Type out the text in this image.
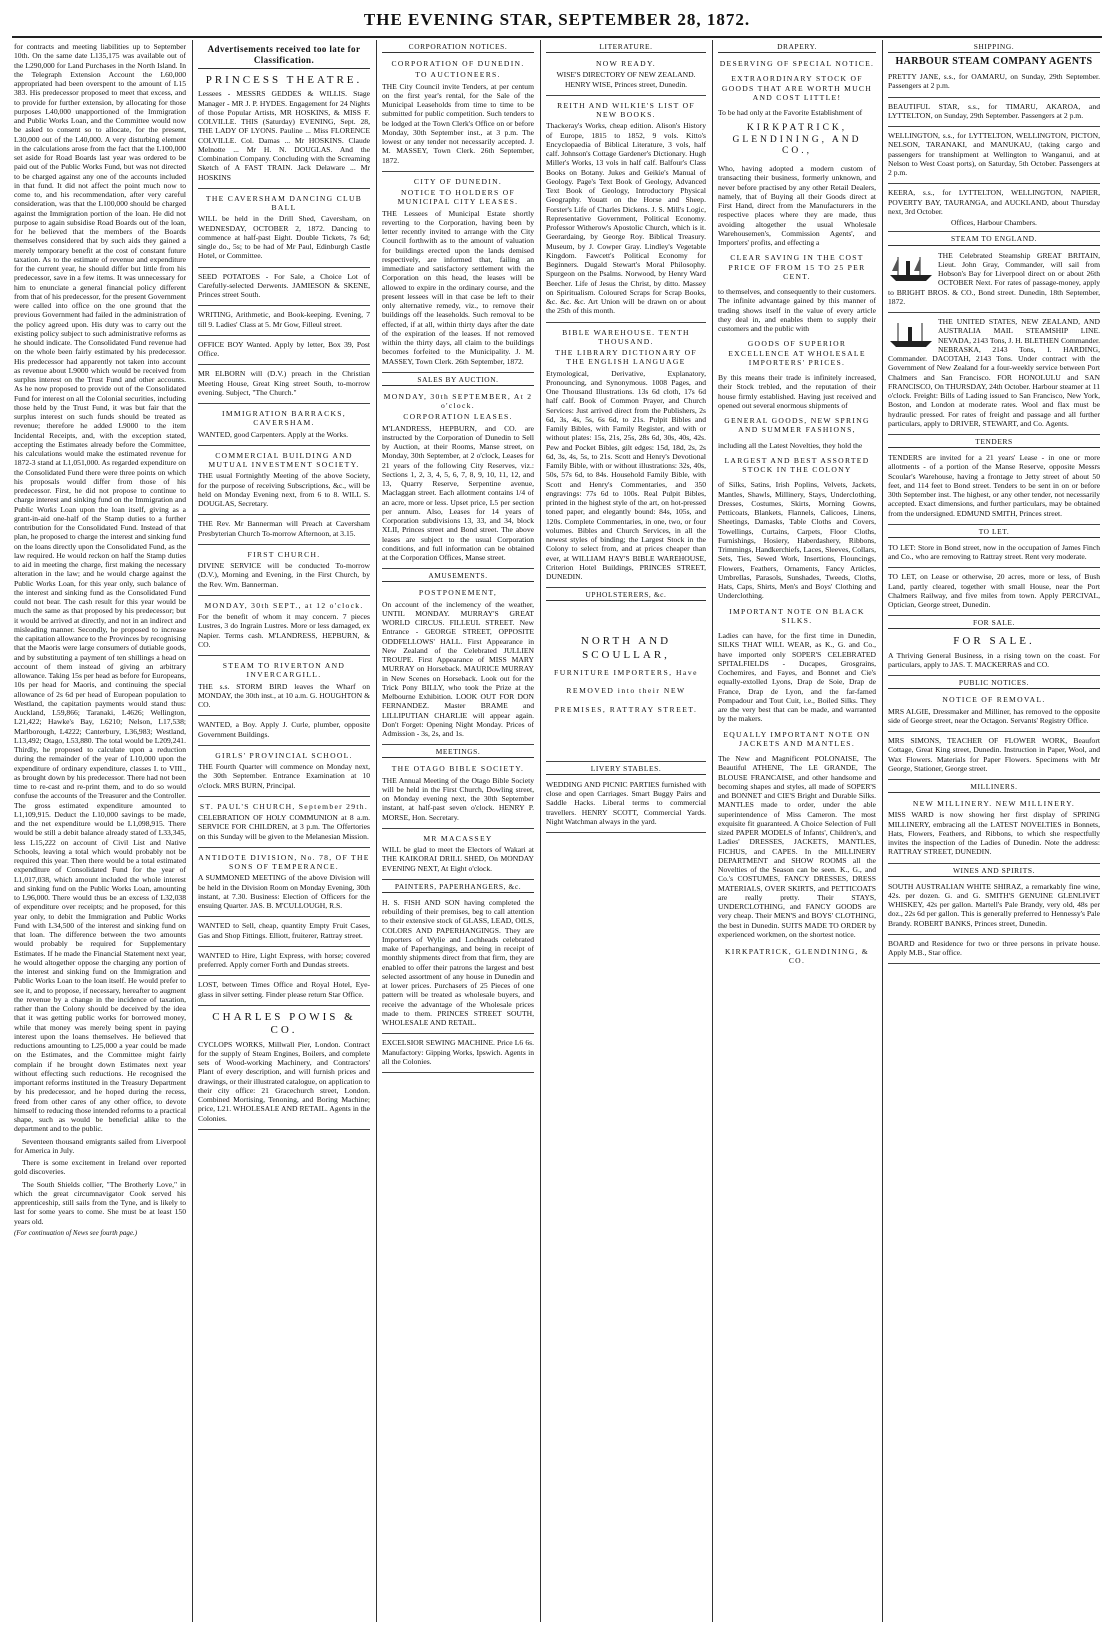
THE EVENING STAR, SEPTEMBER 28, 1872.

for contracts and meeting liabilities up to September 10th. On the same date L135,175 was available out of the L290,000 for Land Purchases in the North Island. In the Telegraph Extension Account the L60,000 appropriated had been overspent to the amount of L15 383. His predecessor proposed to meet that excess, and to provide for further extension, by allocating for those purposes L40,000 unapportioned of the Immigration and Public Works Loan, and the Committee would now be asked to consent so to allocate, for the present, L30,000 out of the L40,000. A very disturbing element in the calculations arose from the fact that the L100,000 set aside for Road Boards last year was ordered to be paid out of the Public Works Fund, but was not directed to be charged against any one of the accounts included in that fund. It did not affect the point much now to come to, and his recommendation, after very careful consideration, was that the L100,000 should be charged against the Immigration portion of the loan. He did not purpose to again subsidise Road Boards out of the loan, for he believed that the members of the Boards themselves considered that by such aids they gained a merely temporary benefit at the cost of constant future taxation. As to the estimate of revenue and expenditure for the current year, he should differ but little from his predecessor, save in a few items. It was unnecessary for him to enunciate a general financial policy different from that of his predecessor, for the present Government were called into office on the one ground that the previous Government had failed in the administration of the policy agreed upon. His duty was to carry out the existing policy subject to such administrative reforms as he should indicate. The Consolidated Fund revenue had on the whole been fairly estimated by his predecessor. His predecessor had apparently not taken into account as revenue about L9000 which would be received from surplus interest on the Trust Fund and other accounts. As he now proposed to provide out of the Consolidated Fund for interest on all the Colonial securities, including those held by the Trust Fund, it was but fair that the surplus interest on such funds should be treated as revenue; therefore he added L9000 to the item Incidental Receipts, and, with the exception stated, accepting the Estimates already before the Committee, his calculations would make the estimated revenue for 1872-3 stand at L1,051,000. As regarded expenditure on the Consolidated Fund there were three points on which his proposals would differ from those of his predecessor. First, he did not propose to continue to charge interest and sinking fund on the Immigration and Public Works Loan upon the loan itself, giving as a grant-in-aid one-half of the Stamp duties to a further contribution for the Consolidated Fund. Instead of that plan, he proposed to charge the interest and sinking fund on the loans directly upon the Consolidated Fund, as the law required. He would reckon on half the Stamp duties to aid in meeting the charge, first making the necessary alteration in the law; and he would charge against the Public Works Loan, for this year only, such balance of the interest and sinking fund as the Consolidated Fund could not bear. The cash result for this year would be much the same as that proposed by his predecessor; but it would be arrived at directly, and not in an indirect and misleading manner. Secondly, he proposed to increase the capitation allowance to the Provinces by recognising that the Maoris were large consumers of dutiable goods, and by substituting a payment of ten shillings a head on account of them instead of giving an arbitrary allowance. Taking 15s per head as before for Europeans, 10s per head for Maoris, and continuing the special allowance of 2s 6d per head of European population to Westland, the capitation payments would stand thus: Auckland, L59,866; Taranaki, L4626; Wellington, L21,422; Hawke's Bay, L6210; Nelson, L17,538; Marlborough, L4222; Canterbury, L36,983; Westland, L13,492; Otago, L53,880. The total would be L209,241. Thirdly, he proposed to calculate upon a reduction during the remainder of the year of L10,000 upon the expenditure of ordinary expenditure, classes I. to VIII., as brought down by his predecessor. There had not been time to re-cast and re-print them, and to do so would confuse the accounts of the Treasurer and the Controller. The gross estimated expenditure amounted to L1,109,915. Deduct the L10,000 savings to be made, and the net expenditure would be L1,098,915. There would be still a debit balance already stated of L33,345, less L15,222 on account of Civil List and Native Schools, leaving a total which would probably not be required this year. Then there would be a total estimated expenditure of Consolidated Fund for the year of L1,017,038, which amount included the whole interest and sinking fund on the Public Works Loan, amounting to L96,000. There would thus be an excess of L32,038 of expenditure over receipts; and he proposed, for this year only, to debit the Immigration and Public Works Fund with L34,500 of the interest and sinking fund on that loan. The difference between the two amounts would probably be required for Supplementary Estimates. If he made the Financial Statement next year, he would altogether oppose the charging any portion of the interest and sinking fund on the Immigration and Public Works Loan to the loan itself. He would prefer to see it, and to propose, if necessary, hereafter to augment the revenue by a change in the incidence of taxation, rather than the Colony should be deceived by the idea that it was getting public works for borrowed money, while that money was merely being spent in paying interest upon the loans themselves. He believed that reductions amounting to L25,000 a year could be made on the Estimates, and the Committee might fairly complain if he brought down Estimates next year without effecting such reductions. He recognised the important reforms instituted in the Treasury Department by his predecessor, and he hoped during the recess, freed from other cares of any other office, to devote himself to reducing those intended reforms to a practical shape, such as would be beneficial alike to the department and to the public.

Seventeen thousand emigrants sailed from Liverpool for America in July.

There is some excitement in Ireland over reported gold discoveries.

The South Shields collier, "The Brotherly Love," in which the great circumnavigator Cook served his apprenticeship, still sails from the Tyne, and is likely to last for some years to come. She must be at least 150 years old.

(For continuation of News see fourth page.)

Advertisements received too late for Classification.
PRINCESS THEATRE.

Lessees - MESSRS GEDDES & WILLIS. Stage Manager - MR J. P. HYDES. Engagement for 24 Nights of those Popular Artists, MR HOSKINS, & MISS F. COLVILLE. THIS (Saturday) EVENING, Sept. 28, THE LADY OF LYONS. Pauline ... Miss FLORENCE COLVILLE. Col. Damas ... Mr HOSKINS. Claude Melnotte ... Mr H. N. DOUGLAS. And the Combination Company. Concluding with the Screaming Sketch of A FAST TRAIN. Jack Delaware ... Mr HOSKINS

THE CAVERSHAM DANCING CLUB BALL

WILL be held in the Drill Shed, Caversham, on WEDNESDAY, OCTOBER 2, 1872. Dancing to commence at half-past Eight. Double Tickets, 7s 6d; single do., 5s; to be had of Mr Paul, Edinburgh Castle Hotel, or Committee.

SEED POTATOES - For Sale, a Choice Lot of Carefully-selected Derwents. JAMIESON & SKENE, Princes street South.

WRITING, Arithmetic, and Book-keeping. Evening, 7 till 9. Ladies' Class at 5. Mr Gow, Filleul street.

OFFICE BOY Wanted. Apply by letter, Box 39, Post Office.

MR ELBORN will (D.V.) preach in the Christian Meeting House, Great King street South, to-morrow evening. Subject, "The Church."

IMMIGRATION BARRACKS, CAVERSHAM.

WANTED, good Carpenters. Apply at the Works.

COMMERCIAL BUILDING AND MUTUAL INVESTMENT SOCIETY.

THE usual Fortnightly Meeting of the above Society, for the purpose of receiving Subscriptions, &c., will be held on Monday Evening next, from 6 to 8. WILL S. DOUGLAS, Secretary.

THE Rev. Mr Bannerman will Preach at Caversham Presbyterian Church To-morrow Afternoon, at 3.15.

FIRST CHURCH.

DIVINE SERVICE will be conducted To-morrow (D.V.), Morning and Evening, in the First Church, by the Rev. Wm. Bannerman.

MONDAY, 30th SEPT., at 12 o'clock.

For the benefit of whom it may concern. 7 pieces Lustres, 3 do Ingrain Lustres. More or less damaged, ex Napier. Terms cash. M'LANDRESS, HEPBURN, & CO.

STEAM TO RIVERTON AND INVERCARGILL.

THE s.s. STORM BIRD leaves the Wharf on MONDAY, the 30th inst., at 10 a.m. G. HOUGHTON & CO.

WANTED, a Boy. Apply J. Curle, plumber, opposite Government Buildings.

GIRLS' PROVINCIAL SCHOOL.

THE Fourth Quarter will commence on Monday next, the 30th September. Entrance Examination at 10 o'clock. MRS BURN, Principal.

ST. PAUL'S CHURCH, September 29th.

CELEBRATION OF HOLY COMMUNION at 8 a.m. SERVICE FOR CHILDREN, at 3 p.m. The Offertories on this Sunday will be given to the Melanesian Mission.

ANTIDOTE DIVISION, No. 78, OF THE SONS OF TEMPERANCE.

A SUMMONED MEETING of the above Division will be held in the Division Room on Monday Evening, 30th instant, at 7.30. Business: Election of Officers for the ensuing Quarter. JAS. B. M'CULLOUGH, R.S.

WANTED to Sell, cheap, quantity Empty Fruit Cases, Gas and Shop Fittings. Elliott, fruiterer, Rattray street.

WANTED to Hire, Light Express, with horse; covered preferred. Apply corner Forth and Dundas streets.

LOST, between Times Office and Royal Hotel, Eye-glass in silver setting. Finder please return Star Office.

CHARLES POWIS & CO.

CYCLOPS WORKS, Millwall Pier, London. Contract for the supply of Steam Engines, Boilers, and complete sets of Wood-working Machinery, and Contractors' Plant of every description, and will furnish prices and drawings, or their illustrated catalogue, on application to their city office: 21 Gracechurch street, London. Combined Mortising, Tenoning, and Boring Machine; price, L21. WHOLESALE AND RETAIL. Agents in the Colonies.

CORPORATION NOTICES.
CORPORATION OF DUNEDIN.
TO AUCTIONEERS.

THE City Council invite Tenders, at per centum on the first year's rental, for the Sale of the Municipal Leaseholds from time to time to be submitted for public competition. Such tenders to be lodged at the Town Clerk's Office on or before Monday, 30th September inst., at 3 p.m. The lowest or any tender not necessarily accepted. J. M. MASSEY, Town Clerk. 26th September, 1872.

CITY OF DUNEDIN.
NOTICE TO HOLDERS OF MUNICIPAL CITY LEASES.

THE Lessees of Municipal Estate shortly reverting to the Corporation, having been by letter recently invited to arrange with the City Council forthwith as to the amount of valuation for buildings erected upon the lands demised respectively, are informed that, failing an immediate and satisfactory settlement with the Corporation on this head, the leases will be allowed to expire in the ordinary course, and the present lessees will in that case be left to their only alternative remedy, viz., to remove their buildings off the leaseholds. Such removal to be effected, if at all, within thirty days after the date of the expiration of the leases. If not removed within the thirty days, all claim to the buildings becomes forfeited to the Municipality. J. M. MASSEY, Town Clerk. 26th September, 1872.

SALES BY AUCTION.
MONDAY, 30th SEPTEMBER, At 2 o'clock.
CORPORATION LEASES.

M'LANDRESS, HEPBURN, and CO. are instructed by the Corporation of Dunedin to Sell by Auction, at their Rooms, Manse street, on Monday, 30th September, at 2 o'clock, Leases for 21 years of the following City Reserves, viz.: Sections 1, 2, 3, 4, 5, 6, 7, 8, 9, 10, 11, 12, and 13, Quarry Reserve, Serpentine avenue, Maclaggan street. Each allotment contains 1/4 of an acre, more or less. Upset price, L5 per section per annum. Also, Leases for 14 years of Corporation subdivisions 13, 33, and 34, block XLII, Princes street and Bond street. The above leases are subject to the usual Corporation conditions, and full information can be obtained at the Corporation Offices, Manse street.

AMUSEMENTS.
POSTPONEMENT,

On account of the inclemency of the weather, UNTIL MONDAY. MURRAY'S GREAT WORLD CIRCUS. FILLEUL STREET. New Entrance - GEORGE STREET, OPPOSITE ODDFELLOWS' HALL. First Appearance in New Zealand of the Celebrated JULLIEN TROUPE. First Appearance of MISS MARY MURRAY on Horseback. MAURICE MURRAY in New Scenes on Horseback. Look out for the Trick Pony BILLY, who took the Prize at the Melbourne Exhibition. LOOK OUT FOR DON FERNANDEZ. Master BRAME and LILLIPUTIAN CHARLIE will appear again. Don't Forget: Opening Night Monday. Prices of Admission - 3s, 2s, and 1s.

MEETINGS.
THE OTAGO BIBLE SOCIETY.

THE Annual Meeting of the Otago Bible Society will be held in the First Church, Dowling street, on Monday evening next, the 30th September instant, at half-past seven o'clock. HENRY P. MORSE, Hon. Secretary.

MR MACASSEY

WILL be glad to meet the Electors of Wakari at THE KAIKORAI DRILL SHED, On MONDAY EVENING NEXT, At Eight o'clock.

PAINTERS, PAPERHANGERS, &c.

H. S. FISH AND SON having completed the rebuilding of their premises, beg to call attention to their extensive stock of GLASS, LEAD, OILS, COLORS AND PAPERHANGINGS. They are Importers of Wylie and Lochheads celebrated make of Paperhangings, and being in receipt of monthly shipments direct from that firm, they are enabled to offer their patrons the largest and best selected assortment of any house in Dunedin and at lower prices. Purchasers of 25 Pieces of one pattern will be treated as wholesale buyers, and receive the advantage of the Wholesale prices made to them. PRINCES STREET SOUTH, WHOLESALE AND RETAIL.

EXCELSIOR SEWING MACHINE. Price L6 6s. Manufactory: Gipping Works, Ipswich. Agents in all the Colonies.

LITERATURE.
NOW READY.

WISE'S DIRECTORY OF NEW ZEALAND. HENRY WISE, Princes street, Dunedin.

REITH AND WILKIE'S LIST OF NEW BOOKS.

Thackeray's Works, cheap edition. Alison's History of Europe, 1815 to 1852, 9 vols. Kitto's Encyclopaedia of Biblical Literature, 3 vols, half calf. Johnson's Cottage Gardener's Dictionary. Hugh Miller's Works, 13 vols in half calf. Balfour's Class Books on Botany. Jukes and Geikie's Manual of Geology. Page's Text Book of Geology, Advanced Text Book of Geology, Introductory Physical Geography. Youatt on the Horse and Sheep. Forster's Life of Charles Dickens. J. S. Mill's Logic, Representative Government, Political Economy. Professor Witherow's Apostolic Church, which is it. Geerardaing, by George Roy. Biblical Treasury. Museum, by J. Cowper Gray. Lindley's Vegetable Kingdom. Fawcett's Political Economy for Beginners. Dugald Stewart's Moral Philosophy. Spurgeon on the Psalms. Norwood, by Henry Ward Beecher. Life of Jesus the Christ, by ditto. Massey on Spiritualism. Coloured Scraps for Scrap Books, &c. &c. &c. Art Union will be drawn on or about the 25th of this month.

BIBLE WAREHOUSE. TENTH THOUSAND.
THE LIBRARY DICTIONARY OF THE ENGLISH LANGUAGE

Etymological, Derivative, Explanatory, Pronouncing, and Synonymous. 1008 Pages, and One Thousand Illustrations. 13s 6d cloth, 17s 6d half calf. Book of Common Prayer, and Church Services: Just arrived direct from the Publishers, 2s 6d, 3s, 4s, 5s, 6s 6d, to 21s. Pulpit Bibles and Family Bibles, with Family Register, and with or without plates: 15s, 21s, 25s, 28s 6d, 30s, 40s, 42s. Pew and Pocket Bibles, gilt edges: 15d, 18d, 2s, 2s 6d, 3s, 4s, 5s, to 21s. Scott and Henry's Devotional Family Bible, with or without illustrations: 32s, 40s, 50s, 57s 6d, to 84s. Household Family Bible, with Scott and Henry's Commentaries, and 350 engravings: 77s 6d to 100s. Real Pulpit Bibles, printed in the highest style of the art, on hot-pressed toned paper, and elegantly bound: 84s, 105s, and 120s. Complete Commentaries, in one, two, or four volumes. Bibles and Church Services, in all the newest styles of binding; the Largest Stock in the Colony to select from, and at prices cheaper than ever, at WILLIAM HAY'S BIBLE WAREHOUSE, Criterion Hotel Buildings, PRINCES STREET, DUNEDIN.

UPHOLSTERERS, &c.
NORTH AND SCOULLAR,

FURNITURE IMPORTERS, Have REMOVED into their NEW PREMISES, RATTRAY STREET.

LIVERY STABLES.

WEDDING AND PICNIC PARTIES furnished with close and open Carriages. Smart Buggy Pairs and Saddle Hacks. Liberal terms to commercial travellers. HENRY SCOTT, Commercial Yards. Night Watchman always in the yard.

DRAPERY.
DESERVING OF SPECIAL NOTICE.
EXTRAORDINARY STOCK OF GOODS THAT ARE WORTH MUCH AND COST LITTLE!

To be had only at the Favorite Establishment of

KIRKPATRICK, GLENDINING, AND CO.,

Who, having adopted a modern custom of transacting their business, formerly unknown, and never before practised by any other Retail Dealers, namely, that of Buying all their Goods direct at First Hand, direct from the Manufacturers in the respective places where they are made, thus avoiding altogether the usual Wholesale Warehousemen's, Commission Agents', and Importers' profits, and effecting a

CLEAR SAVING IN THE COST PRICE OF FROM 15 TO 25 PER CENT.

to themselves, and consequently to their customers. The infinite advantage gained by this manner of trading shows itself in the value of every article they deal in, and enables them to supply their customers and the public with

GOODS OF SUPERIOR EXCELLENCE AT WHOLESALE IMPORTERS' PRICES.

By this means their trade is infinitely increased, their Stock trebled, and the reputation of their house firmly established. Having just received and opened out several enormous shipments of

GENERAL GOODS, NEW SPRING AND SUMMER FASHIONS,

including all the Latest Novelties, they hold the

LARGEST AND BEST ASSORTED STOCK IN THE COLONY

of Silks, Satins, Irish Poplins, Velvets, Jackets, Mantles, Shawls, Millinery, Stays, Underclothing, Dresses, Costumes, Skirts, Morning Gowns, Petticoats, Blankets, Flannels, Calicoes, Linens, Sheetings, Damasks, Table Cloths and Covers, Towellings, Curtains, Carpets, Floor Cloths, Furnishings, Hosiery, Haberdashery, Ribbons, Trimmings, Handkerchiefs, Laces, Sleeves, Collars, Sets, Ties, Sewed Work, Insertions, Flouncings, Flowers, Feathers, Ornaments, Fancy Articles, Umbrellas, Parasols, Sunshades, Tweeds, Cloths, Hats, Caps, Shirts, Men's and Boys' Clothing and Underclothing.

IMPORTANT NOTE ON BLACK SILKS.

Ladies can have, for the first time in Dunedin, SILKS THAT WILL WEAR, as K., G. and Co., have imported only SOPER'S CELEBRATED SPITALFIELDS - Ducapes, Grosgrains, Cochemires, and Fayes, and Bonnet and Cie's equally-extolled Lyons, Drap de Soie, Drap de France, Drap de Lyon, and the far-famed Pompadour and Tout Cuit, i.e., Boiled Silks. They are the very best that can be made, and warranted by the makers.

EQUALLY IMPORTANT NOTE ON JACKETS AND MANTLES.

The New and Magnificent POLONAISE, The Beautiful ATHENE, The LE GRANDE, The BLOUSE FRANCAISE, and other handsome and becoming shapes and styles, all made of SOPER'S and BONNET and CIE'S Bright and Durable Silks. MANTLES made to order, under the able superintendence of Miss Cameron. The most exquisite fit guaranteed. A Choice Selection of Full sized PAPER MODELS of Infants', Children's, and Ladies' DRESSES, JACKETS, MANTLES, FICHUS, and CAPES. In the MILLINERY DEPARTMENT and SHOW ROOMS all the Novelties of the Season can be seen. K., G., and Co.'s COSTUMES, FANCY DRESSES, DRESS MATERIALS, OVER SKIRTS, and PETTICOATS are really pretty. Their STAYS, UNDERCLOTHING, and FANCY GOODS are very cheap. Their MEN'S and BOYS' CLOTHING, the best in Dunedin. SUITS MADE TO ORDER by experienced workmen, on the shortest notice.

KIRKPATRICK, GLENDINING, & CO.
SHIPPING.
HARBOUR STEAM COMPANY AGENTS

PRETTY JANE, s.s., for OAMARU, on Sunday, 29th September. Passengers at 2 p.m.

BEAUTIFUL STAR, s.s., for TIMARU, AKAROA, and LYTTELTON, on Sunday, 29th September. Passengers at 2 p.m.

WELLINGTON, s.s., for LYTTELTON, WELLINGTON, PICTON, NELSON, TARANAKI, and MANUKAU, (taking cargo and passengers for transhipment at Wellington to Wanganui, and at Nelson to West Coast ports), on Saturday, 5th October. Passengers at 2 p.m.

KEERA, s.s., for LYTTELTON, WELLINGTON, NAPIER, POVERTY BAY, TAURANGA, and AUCKLAND, about Thursday next, 3rd October.

Offices, Harbour Chambers.
STEAM TO ENGLAND.

THE Celebrated Steamship GREAT BRITAIN, Lieut. John Gray, Commander, will sail from Hobson's Bay for Liverpool direct on or about 26th OCTOBER Next. For rates of passage-money, apply to BRIGHT BROS. & CO., Bond street. Dunedin, 18th September, 1872.

THE UNITED STATES, NEW ZEALAND, AND AUSTRALIA MAIL STEAMSHIP LINE. NEVADA, 2143 Tons, J. H. BLETHEN Commander. NEBRASKA, 2143 Tons, I. HARDING, Commander. DACOTAH, 2143 Tons. Under contract with the Government of New Zealand for a four-weekly service between Port Chalmers and San Francisco. FOR HONOLULU and SAN FRANCISCO, On THURSDAY, 24th October. Harbour steamer at 11 o'clock. Freight: Bills of Lading issued to San Francisco, New York, Boston, and London at moderate rates. Wool and flax must be hydraulic pressed. For rates of freight and passage and all further particulars, apply to DRIVER, STEWART, and Co. Agents.

TENDERS

TENDERS are invited for a 21 years' Lease - in one or more allotments - of a portion of the Manse Reserve, opposite Messrs Scoular's Warehouse, having a frontage to Jetty street of about 50 feet, and 114 feet to Bond street. Tenders to be sent in on or before 30th September inst. The highest, or any other tender, not necessarily accepted. Exact dimensions, and further particulars, may be obtained from the undersigned. EDMUND SMITH, Princes street.

TO LET.

TO LET: Store in Bond street, now in the occupation of James Finch and Co., who are removing to Rattray street. Rent very moderate.

TO LET, on Lease or otherwise, 20 acres, more or less, of Bush Land, partly cleared, together with small House, near the Port Chalmers Railway, and five miles from town. Apply PERCIVAL, Optician, George street, Dunedin.

FOR SALE.
FOR SALE.

A Thriving General Business, in a rising town on the coast. For particulars, apply to JAS. T. MACKERRAS and CO.

PUBLIC NOTICES.
NOTICE OF REMOVAL.

MRS ALGIE, Dressmaker and Milliner, has removed to the opposite side of George street, near the Octagon. Servants' Registry Office.

MRS SIMONS, TEACHER OF FLOWER WORK, Beaufort Cottage, Great King street, Dunedin. Instruction in Paper, Wool, and Wax Flowers. Materials for Paper Flowers. Specimens with Mr George, Stationer, George street.

MILLINERS.
NEW MILLINERY. NEW MILLINERY.

MISS WARD is now showing her first display of SPRING MILLINERY, embracing all the LATEST NOVELTIES in Bonnets, Hats, Flowers, Feathers, and Ribbons, to which she respectfully invites the inspection of the Ladies of Dunedin. Note the address: RATTRAY STREET, DUNEDIN.

WINES AND SPIRITS.

SOUTH AUSTRALIAN WHITE SHIRAZ, a remarkably fine wine, 42s. per dozen. G. and G. SMITH'S GENUINE GLENLIVET WHISKEY, 42s per gallon. Martell's Pale Brandy, very old, 48s per doz., 22s 6d per gallon. This is generally preferred to Hennessy's Pale Brandy. ROBERT BANKS, Princes street, Dunedin.

BOARD and Residence for two or three persons in private house. Apply M.B., Star office.
